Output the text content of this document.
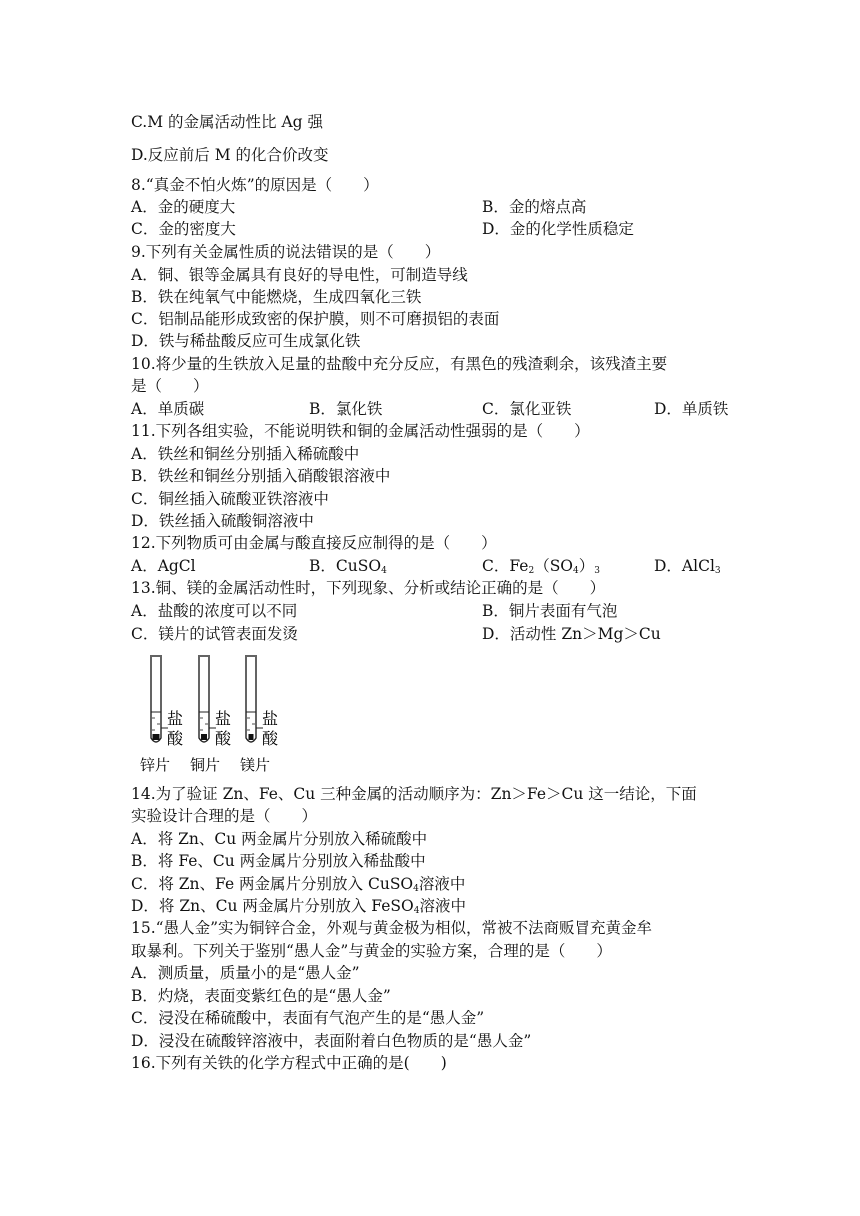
C.M 的金属活动性比 Ag 强
D.反应前后 M 的化合价改变
8.“真金不怕火炼”的原因是（　　）
A．金的硬度大	B．金的熔点高
C．金的密度大	D．金的化学性质稳定
9.下列有关金属性质的说法错误的是（　　）
A．铜、银等金属具有良好的导电性，可制造导线
B．铁在纯氧气中能燃烧，生成四氧化三铁
C．铝制品能形成致密的保护膜，则不可磨损铝的表面
D．铁与稀盐酸反应可生成氯化铁
10.将少量的生铁放入足量的盐酸中充分反应，有黑色的残渣剩余，该残渣主要
是（　　）
A．单质碳	B．氯化铁	C．氯化亚铁	D．单质铁
11.下列各组实验，不能说明铁和铜的金属活动性强弱的是（　　）
A．铁丝和铜丝分别插入稀硫酸中
B．铁丝和铜丝分别插入硝酸银溶液中
C．铜丝插入硫酸亚铁溶液中
D．铁丝插入硫酸铜溶液中
12.下列物质可由金属与酸直接反应制得的是（　　）
A．AgCl	B．CuSO$_4$	C．$Fe_2(SO_4)_3$	D．AlCl$_3$
13.铜、镁的金属活动性时，下列现象、分析或结论正确的是（　　）
A．盐酸的浓度可以不同	B．铜片表面有气泡
C．镁片的试管表面发烫	D．活动性 Zn＞Mg＞Cu
盐
酸
盐
酸
盐
酸
锌片 铜片 镁片
14.为了验证 Zn、Fe、Cu 三种金属的活动顺序为：Zn＞Fe＞Cu 这一结论，下面
实验设计合理的是（　　）
A．将 Zn、Cu 两金属片分别放入稀硫酸中
B．将 Fe、Cu 两金属片分别放入稀盐酸中
C．将 Zn、Fe 两金属片分别放入 CuSO$_4$溶液中
D．将 Zn、Cu 两金属片分别放入 FeSO$_4$溶液中
15.“愚人金”实为铜锌合金，外观与黄金极为相似，常被不法商贩冒充黄金牟
取暴利。下列关于鉴别“愚人金”与黄金的实验方案，合理的是（　　）
A．测质量，质量小的是“愚人金”
B．灼烧，表面变紫红色的是“愚人金”
C．浸没在稀硫酸中，表面有气泡产生的是“愚人金”
D．浸没在硫酸锌溶液中，表面附着白色物质的是“愚人金”
16.下列有关铁的化学方程式中正确的是(　　)
